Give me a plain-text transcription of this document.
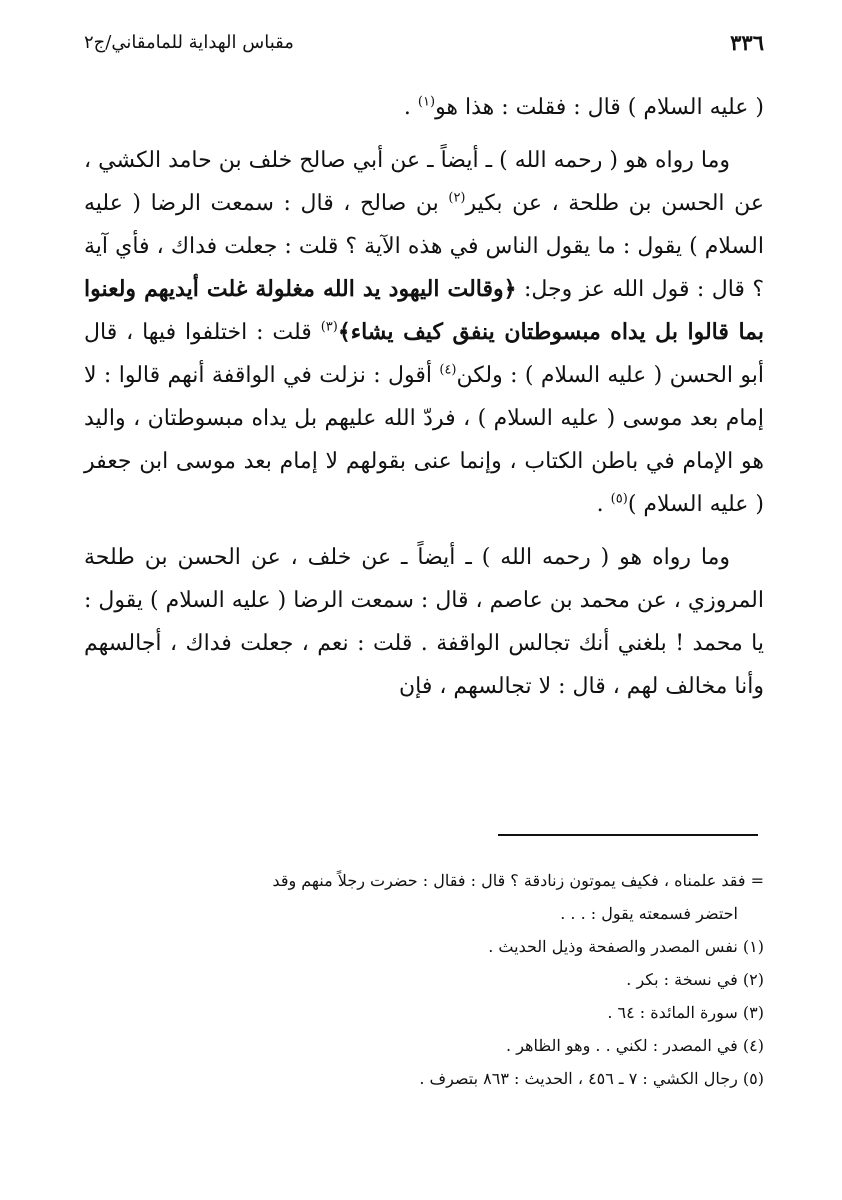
٣٣٦
مقباس الهداية للمامقاني/ج٢

( عليه السلام ) قال : فقلت : هذا هو$^{(١)}$ .

وما رواه هو ( رحمه الله ) ـ أيضاً ـ عن أبي صالح خلف بن حامد الكشي ، عن الحسن بن طلحة ، عن بكير$^{(٢)}$ بن صالح ، قال : سمعت الرضا ( عليه السلام ) يقول : ما يقول الناس في هذه الآية ؟ قلت : جعلت فداك ، فأي آية ؟ قال : قول الله عز وجل: ﴿وقالت اليهود يد الله مغلولة غلت أيديهم ولعنوا بما قالوا بل يداه مبسوطتان ينفق كيف يشاء﴾$^{(٣)}$ قلت : اختلفوا فيها ، قال أبو الحسن ( عليه السلام ) : ولكن$^{(٤)}$ أقول : نزلت في الواقفة أنهم قالوا : لا إمام بعد موسى ( عليه السلام ) ، فردّ الله عليهم بل يداه مبسوطتان ، واليد هو الإمام في باطن الكتاب ، وإنما عنى بقولهم لا إمام بعد موسى ابن جعفر ( عليه السلام )$^{(٥)}$ .

وما رواه هو ( رحمه الله ) ـ أيضاً ـ عن خلف ، عن الحسن بن طلحة المروزي ، عن محمد بن عاصم ، قال : سمعت الرضا ( عليه السلام ) يقول : يا محمد ! بلغني أنك تجالس الواقفة . قلت : نعم ، جعلت فداك ، أجالسهم وأنا مخالف لهم ، قال : لا تجالسهم ، فإن

= فقد علمناه ، فكيف يموتون زنادقة ؟ قال : فقال : حضرت رجلاً منهم وقد

احتضر فسمعته يقول : . . .

(١) نفس المصدر والصفحة وذيل الحديث .

(٢) في نسخة : بكر .

(٣) سورة المائدة : ٦٤ .

(٤) في المصدر : لكني . . وهو الظاهر .

(٥) رجال الكشي : ٧ ـ ٤٥٦ ، الحديث : ٨٦٣ بتصرف .
